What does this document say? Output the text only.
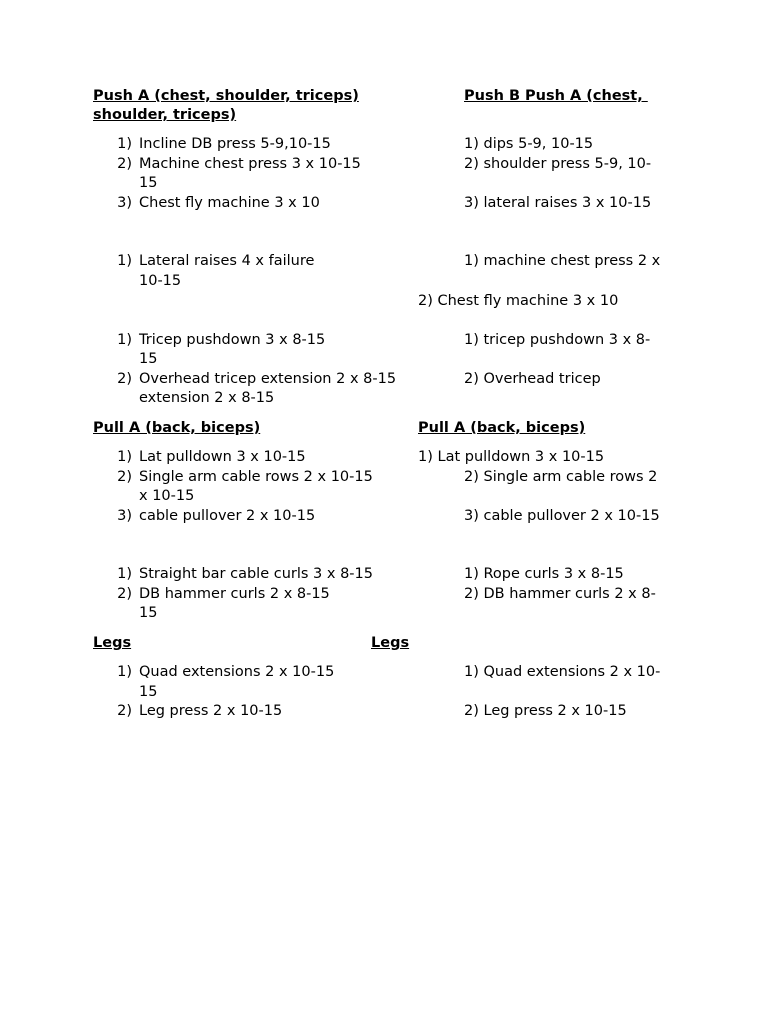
Push A (chest, shoulder, triceps)
shoulder, triceps)
1) Incline DB press 5-9,10-15
2) Machine chest press 3 x 10-15
15
3) Chest fly machine 3 x 10
1) Lateral raises 4 x failure
10-15
1) Tricep pushdown 3 x 8-15
15
2) Overhead tricep extension 2 x 8-15
extension 2 x 8-15
Pull A (back, biceps)
1) Lat pulldown 3 x 10-15
2) Single arm cable rows 2 x 10-15
x 10-15
3) cable pullover 2 x 10-15
1) Straight bar cable curls 3 x 8-15
2) DB hammer curls 2 x 8-15
15
Legs
1) Quad extensions 2 x 10-15
15
2) Leg press 2 x 10-15
Push B Push A (chest,
1) dips 5-9, 10-15
2) shoulder press 5-9, 10-
3) lateral raises 3 x 10-15
1) machine chest press 2 x
2) Chest fly machine 3 x 10
1) tricep pushdown 3 x 8-
2) Overhead tricep
Pull A (back, biceps)
1) Lat pulldown 3 x 10-15
2) Single arm cable rows 2
3) cable pullover 2 x 10-15
1) Rope curls 3 x 8-15
2) DB hammer curls 2 x 8-
Legs
1) Quad extensions 2 x 10-
2) Leg press 2 x 10-15
